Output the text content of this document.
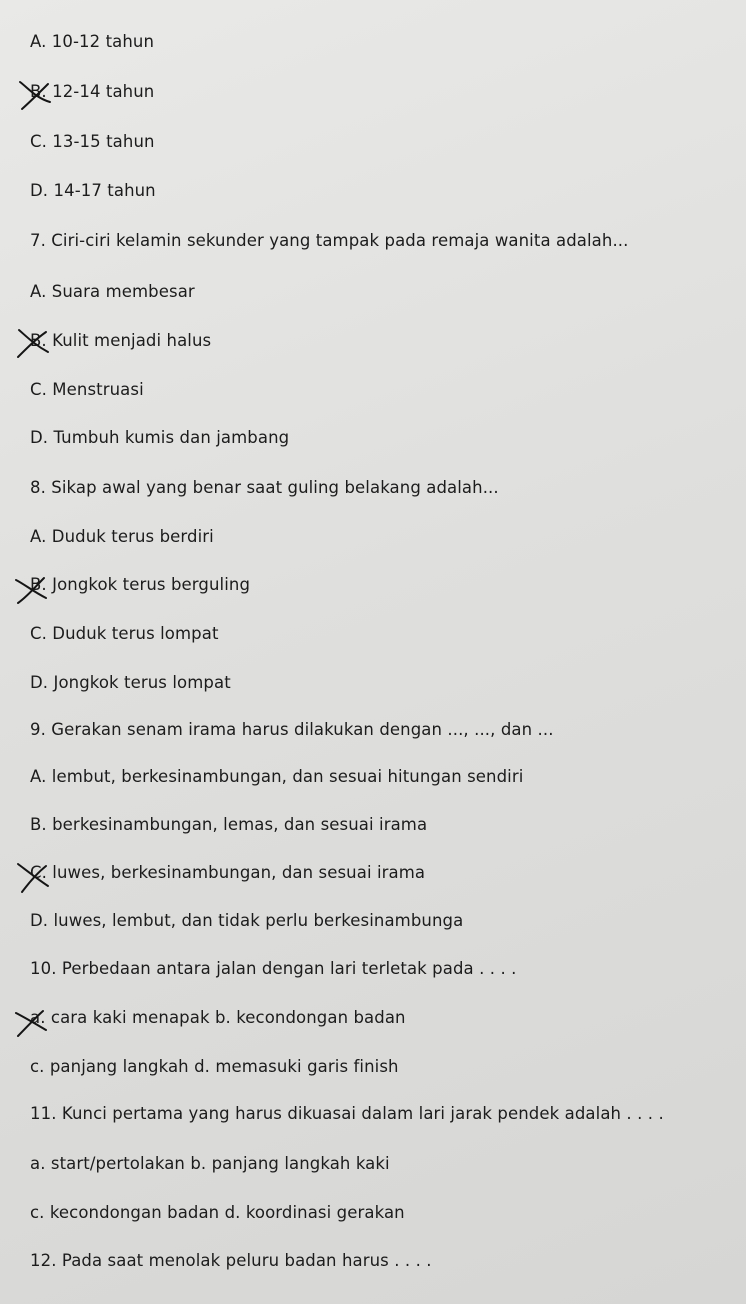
A. 10-12 tahun
B. 12-14 tahun
C. 13-15 tahun
D. 14-17 tahun
7. Ciri-ciri kelamin sekunder yang tampak pada remaja wanita adalah...
A. Suara membesar
B. Kulit menjadi halus
C. Menstruasi
D. Tumbuh kumis dan jambang
8. Sikap awal yang benar saat guling belakang adalah...
A. Duduk terus berdiri
B. Jongkok terus berguling
C. Duduk terus lompat
D. Jongkok terus lompat
9. Gerakan senam irama harus dilakukan dengan ..., ..., dan ...
A. lembut, berkesinambungan, dan sesuai hitungan sendiri
B. berkesinambungan, lemas, dan sesuai irama
C. luwes, berkesinambungan, dan sesuai irama
D. luwes, lembut, dan tidak perlu berkesinambunga
10. Perbedaan antara jalan dengan lari terletak pada . . . .
a. cara kaki menapak b. kecondongan badan
c. panjang langkah d. memasuki garis finish
11. Kunci pertama yang harus dikuasai dalam lari jarak pendek adalah . . . .
a. start/pertolakan b. panjang langkah kaki
c. kecondongan badan d. koordinasi gerakan
12. Pada saat menolak peluru badan harus . . . .
